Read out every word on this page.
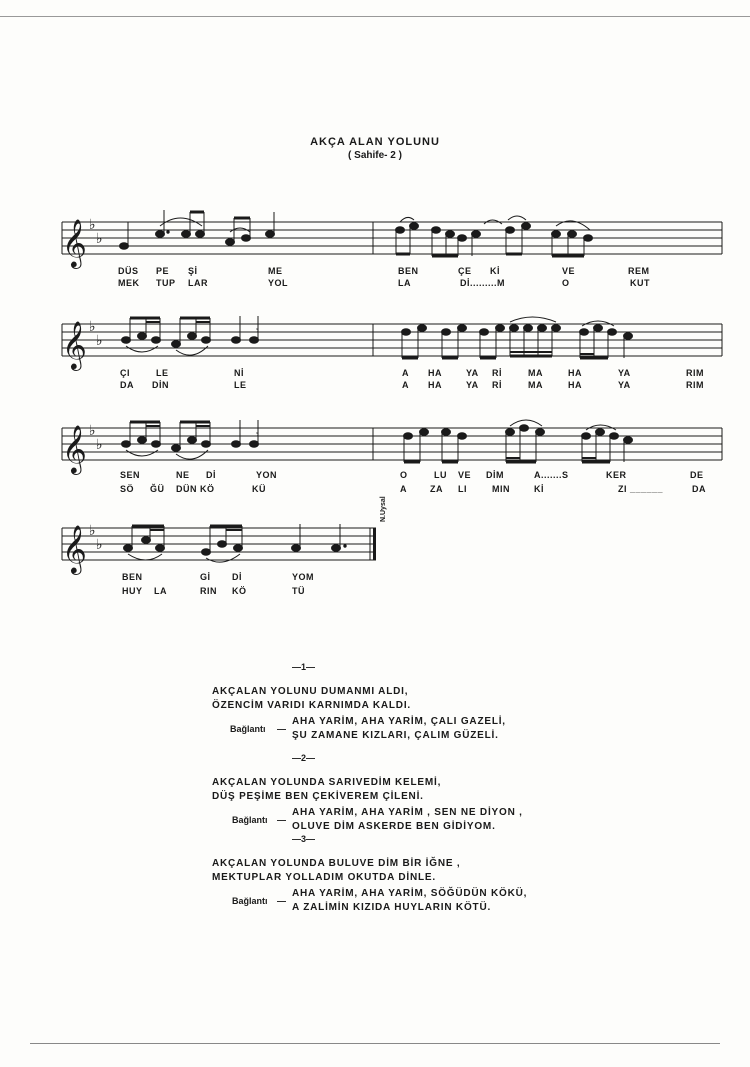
AKÇA ALAN YOLUNU
( Sahife- 2 )
𝄞
𝄞
𝄞
𝄞
♭
♭
♭
♭
♭
♭
♭
♭
𝄾
𝄾
N.Uysal
DÜS PE Şİ	ME	BEN	ÇE Kİ	VE	REM
MEK TUP LAR	YOL	LA	Dİ.........M	O	KUT
ÇI	LE	Nİ	A HA	YA Rİ	MA	HA	YA	RIM
DA DİN	LE	A HA	YA Rİ	MA	HA	YA	RIM
SEN	NE Dİ	YON	O	LU VE DİM	A.......S	KER	DE
SÖ ĞÜ DÜN KÖ	KÜ	A	ZA LI	MIN	Kİ	ZI ______	DA
BEN	Gİ Dİ	YOM
HUY LA	RIN KÖ	TÜ
—1—
AKÇALAN YOLUNU DUMANMI ALDI,
ÖZENCİM VARIDI KARNIMDA KALDI.
Bağlantı —
AHA YARİM, AHA YARİM, ÇALI GAZELİ,
ŞU ZAMANE KIZLARI, ÇALIM GÜZELİ.
—2—
AKÇALAN YOLUNDA SARIVEDİM KELEMİ,
DÜŞ PEŞİME BEN ÇEKİVEREM ÇİLENİ.
Bağlantı —
AHA YARİM, AHA YARİM , SEN NE DİYON ,
OLUVE DİM ASKERDE BEN GİDİYOM.
—3—
AKÇALAN YOLUNDA BULUVE DİM BİR İĞNE ,
MEKTUPLAR YOLLADIM OKUTDA DİNLE.
Bağlantı —
AHA YARİM, AHA YARİM, SÖĞÜDÜN KÖKÜ,
A ZALİMİN KIZIDA HUYLARIN KÖTÜ.
